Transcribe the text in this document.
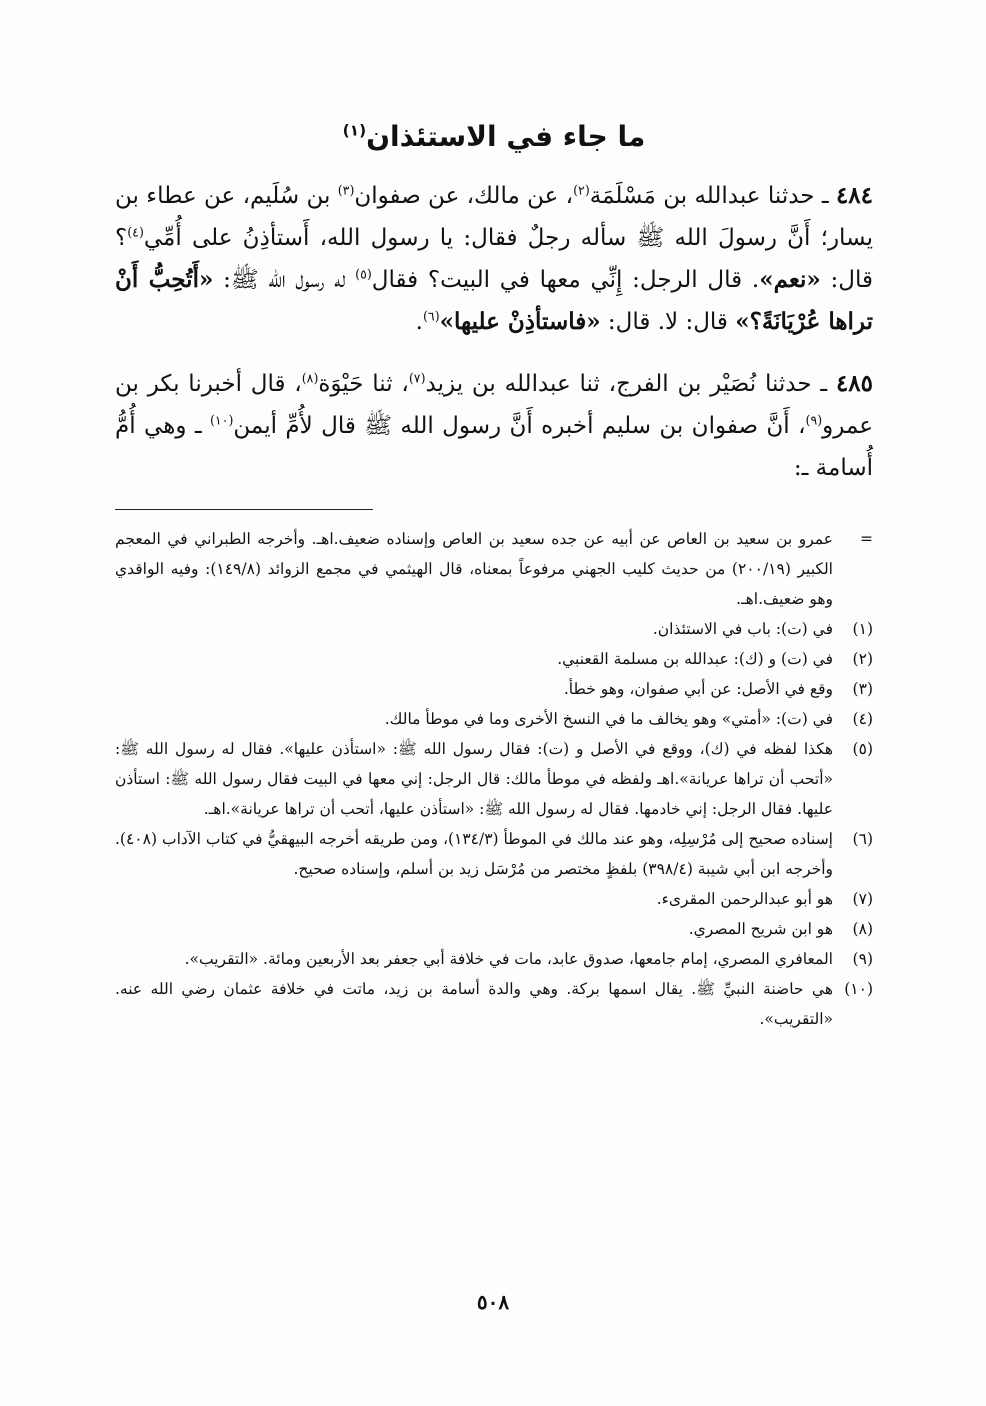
ما جاء في الاستئذان$^{(١)}$

٤٨٤ ـ حدثنا عبدالله بن مَسْلَمَة$^{(٢)}$، عن مالك، عن صفوان$^{(٣)}$ بن سُلَيم، عن عطاء بن يسار؛ أَنَّ رسولَ الله ﷺ سأله رجلٌ فقال: يا رسول الله، أَستأذِنُ على أُمِّي$^{(٤)}$؟ قال: «نعم». قال الرجل: إِنِّي معها في البيت؟ فقال$^{(٥)}$ له رسول الله ﷺ: «أَتُحِبُّ أَنْ تراها عُرْيَانَةً؟» قال: لا. قال: «فاستأذِنْ عليها»$^{(٦)}$.

٤٨٥ ـ حدثنا نُصَيْر بن الفرج، ثنا عبدالله بن يزيد$^{(٧)}$، ثنا حَيْوَة$^{(٨)}$، قال أخبرنا بكر بن عمرو$^{(٩)}$، أَنَّ صفوان بن سليم أخبره أَنَّ رسول الله ﷺ قال لأُمِّ أيمن$^{(١٠)}$ ـ وهي أُمُّ أُسامة ـ:

=
عمرو بن سعيد بن العاص عن أبيه عن جده سعيد بن العاص وإسناده ضعيف.اهـ. وأخرجه الطبراني في المعجم الكبير (٢٠٠/١٩) من حديث كليب الجهني مرفوعاً بمعناه، قال الهيثمي في مجمع الزوائد (١٤٩/٨): وفيه الواقدي وهو ضعيف.اهـ.
(١)
في (ت): باب في الاستئذان.
(٢)
في (ت) و (ك): عبدالله بن مسلمة القعنبي.
(٣)
وقع في الأصل: عن أبي صفوان، وهو خطأ.
(٤)
في (ت): «أمتي» وهو يخالف ما في النسخ الأخرى وما في موطأ مالك.
(٥)
هكذا لفظه في (ك)، ووقع في الأصل و (ت): فقال رسول الله ﷺ: «استأذن عليها». فقال له رسول الله ﷺ: «أتحب أن تراها عريانة».اهـ ولفظه في موطأ مالك: قال الرجل: إني معها في البيت فقال رسول الله ﷺ: استأذن عليها. فقال الرجل: إني خادمها. فقال له رسول الله ﷺ: «استأذن عليها، أتحب أن تراها عريانة».اهـ.
(٦)
إسناده صحيح إلى مُرْسِلِه، وهو عند مالك في الموطأ (١٣٤/٣)، ومن طريقه أخرجه البيهقيُّ في كتاب الآداب (٤٠٨). وأخرجه ابن أبي شيبة (٣٩٨/٤) بلفظٍ مختصر من مُرْسَل زيد بن أسلم، وإسناده صحيح.
(٧)
هو أبو عبدالرحمن المقرىء.
(٨)
هو ابن شريح المصري.
(٩)
المعافري المصري، إمام جامعها، صدوق عابد، مات في خلافة أبي جعفر بعد الأربعين ومائة. «التقريب».
(١٠)
هي حاضنة النبيِّ ﷺ. يقال اسمها بركة. وهي والدة أسامة بن زيد، ماتت في خلافة عثمان رضي الله عنه. «التقريب».
٥٠٨
